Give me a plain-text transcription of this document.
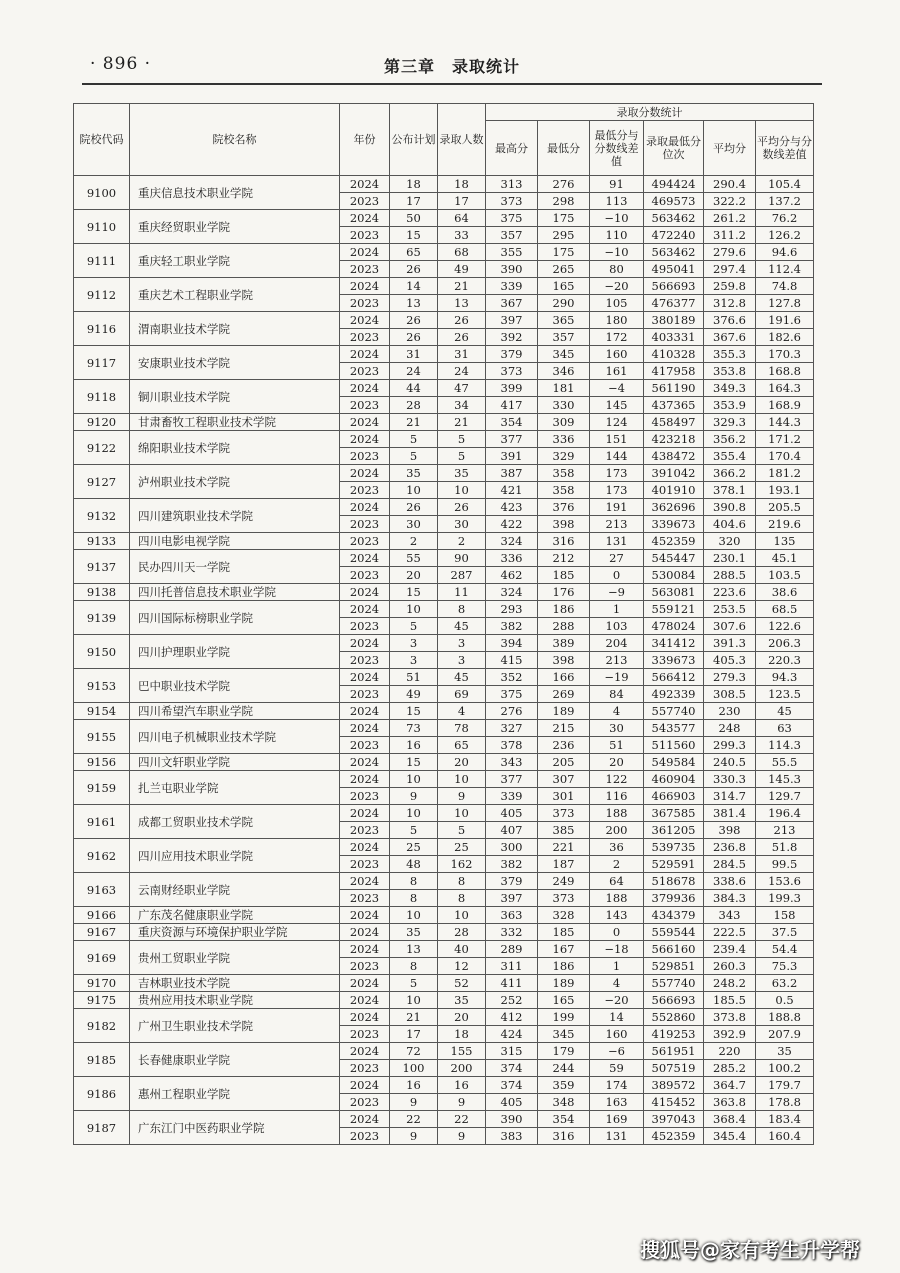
· 896 ·	第三章　录取统计
院校代码	院校名称	年份	公布计划	录取人数	录取分数统计					
					最高分	最低分	最低分与分数线差值	录取最低分位次	平均分	平均分与分数线差值
9100	重庆信息技术职业学院	2024	18	18	313	276	91	494424	290.4	105.4
		2023	17	17	373	298	113	469573	322.2	137.2
9110	重庆经贸职业学院	2024	50	64	375	175	−10	563462	261.2	76.2
		2023	15	33	357	295	110	472240	311.2	126.2
9111	重庆轻工职业学院	2024	65	68	355	175	−10	563462	279.6	94.6
		2023	26	49	390	265	80	495041	297.4	112.4
9112	重庆艺术工程职业学院	2024	14	21	339	165	−20	566693	259.8	74.8
		2023	13	13	367	290	105	476377	312.8	127.8
9116	渭南职业技术学院	2024	26	26	397	365	180	380189	376.6	191.6
		2023	26	26	392	357	172	403331	367.6	182.6
9117	安康职业技术学院	2024	31	31	379	345	160	410328	355.3	170.3
		2023	24	24	373	346	161	417958	353.8	168.8
9118	铜川职业技术学院	2024	44	47	399	181	−4	561190	349.3	164.3
		2023	28	34	417	330	145	437365	353.9	168.9
9120	甘肃畜牧工程职业技术学院	2024	21	21	354	309	124	458497	329.3	144.3
9122	绵阳职业技术学院	2024	5	5	377	336	151	423218	356.2	171.2
		2023	5	5	391	329	144	438472	355.4	170.4
9127	泸州职业技术学院	2024	35	35	387	358	173	391042	366.2	181.2
		2023	10	10	421	358	173	401910	378.1	193.1
9132	四川建筑职业技术学院	2024	26	26	423	376	191	362696	390.8	205.5
		2023	30	30	422	398	213	339673	404.6	219.6
9133	四川电影电视学院	2023	2	2	324	316	131	452359	320	135
9137	民办四川天一学院	2024	55	90	336	212	27	545447	230.1	45.1
		2023	20	287	462	185	0	530084	288.5	103.5
9138	四川托普信息技术职业学院	2024	15	11	324	176	−9	563081	223.6	38.6
9139	四川国际标榜职业学院	2024	10	8	293	186	1	559121	253.5	68.5
		2023	5	45	382	288	103	478024	307.6	122.6
9150	四川护理职业学院	2024	3	3	394	389	204	341412	391.3	206.3
		2023	3	3	415	398	213	339673	405.3	220.3
9153	巴中职业技术学院	2024	51	45	352	166	−19	566412	279.3	94.3
		2023	49	69	375	269	84	492339	308.5	123.5
9154	四川希望汽车职业学院	2024	15	4	276	189	4	557740	230	45
9155	四川电子机械职业技术学院	2024	73	78	327	215	30	543577	248	63
		2023	16	65	378	236	51	511560	299.3	114.3
9156	四川文轩职业学院	2024	15	20	343	205	20	549584	240.5	55.5
9159	扎兰屯职业学院	2024	10	10	377	307	122	460904	330.3	145.3
		2023	9	9	339	301	116	466903	314.7	129.7
9161	成都工贸职业技术学院	2024	10	10	405	373	188	367585	381.4	196.4
		2023	5	5	407	385	200	361205	398	213
9162	四川应用技术职业学院	2024	25	25	300	221	36	539735	236.8	51.8
		2023	48	162	382	187	2	529591	284.5	99.5
9163	云南财经职业学院	2024	8	8	379	249	64	518678	338.6	153.6
		2023	8	8	397	373	188	379936	384.3	199.3
9166	广东茂名健康职业学院	2024	10	10	363	328	143	434379	343	158
9167	重庆资源与环境保护职业学院	2024	35	28	332	185	0	559544	222.5	37.5
9169	贵州工贸职业学院	2024	13	40	289	167	−18	566160	239.4	54.4
		2023	8	12	311	186	1	529851	260.3	75.3
9170	吉林职业技术学院	2024	5	52	411	189	4	557740	248.2	63.2
9175	贵州应用技术职业学院	2024	10	35	252	165	−20	566693	185.5	0.5
9182	广州卫生职业技术学院	2024	21	20	412	199	14	552860	373.8	188.8
		2023	17	18	424	345	160	419253	392.9	207.9
9185	长春健康职业学院	2024	72	155	315	179	−6	561951	220	35
		2023	100	200	374	244	59	507519	285.2	100.2
9186	惠州工程职业学院	2024	16	16	374	359	174	389572	364.7	179.7
		2023	9	9	405	348	163	415452	363.8	178.8
9187	广东江门中医药职业学院	2024	22	22	390	354	169	397043	368.4	183.4
		2023	9	9	383	316	131	452359	345.4	160.4
搜狐号@家有考生升学帮
